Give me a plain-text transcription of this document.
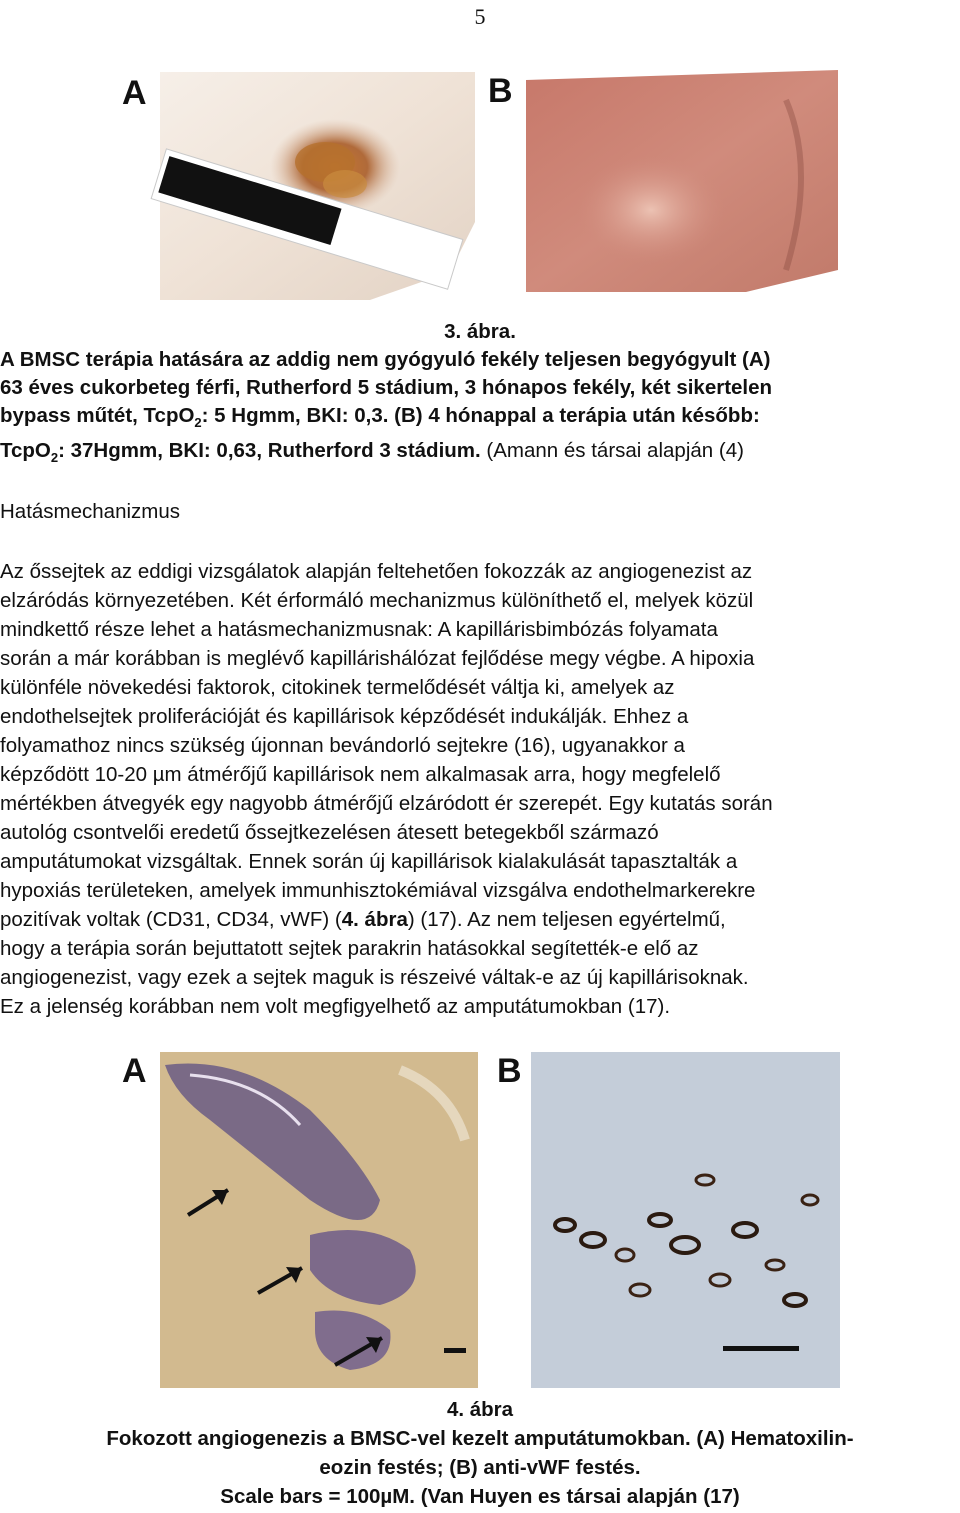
5
A	B
3. ábra.
A BMSC terápia hatására az addig nem gyógyuló fekély teljesen begyógyult (A)
63 éves cukorbeteg férfi, Rutherford 5 stádium, 3 hónapos fekély, két sikertelen
bypass műtét, TcpO$_2$: 5 Hgmm, BKI: 0,3. (B) 4 hónappal a terápia után később:
TcpO$_2$: 37Hgmm, BKI: 0,63, Rutherford 3 stádium. (Amann és társai alapján (4)
Hatásmechanizmus
Az őssejtek az eddigi vizsgálatok alapján feltehetően fokozzák az angiogenezist az
elzáródás környezetében. Két érformáló mechanizmus különíthető el, melyek közül
mindkettő része lehet a hatásmechanizmusnak: A kapillárisbimbózás folyamata
során a már korábban is meglévő kapillárishálózat fejlődése megy végbe. A hipoxia
különféle növekedési faktorok, citokinek termelődését váltja ki, amelyek az
endothelsejtek proliferációját és kapillárisok képződését indukálják. Ehhez a
folyamathoz nincs szükség újonnan bevándorló sejtekre (16), ugyanakkor a
képződött 10-20 µm átmérőjű kapillárisok nem alkalmasak arra, hogy megfelelő
mértékben átvegyék egy nagyobb átmérőjű elzáródott ér szerepét. Egy kutatás során
autológ csontvelői eredetű őssejtkezelésen átesett betegekből származó
amputátumokat vizsgáltak. Ennek során új kapillárisok kialakulását tapasztalták a
hypoxiás területeken, amelyek immunhisztokémiával vizsgálva endothelmarkerekre
pozitívak voltak (CD31, CD34, vWF) (4. ábra) (17). Az nem teljesen egyértelmű,
hogy a terápia során bejuttatott sejtek parakrin hatásokkal segítették-e elő az
angiogenezist, vagy ezek a sejtek maguk is részeivé váltak-e az új kapillárisoknak.
Ez a jelenség korábban nem volt megfigyelhető az amputátumokban (17).
A	B
4. ábra
Fokozott angiogenezis a BMSC-vel kezelt amputátumokban. (A) Hematoxilin-
eozin festés; (B) anti-vWF festés.
Scale bars = 100µM. (Van Huyen es társai alapján (17)
